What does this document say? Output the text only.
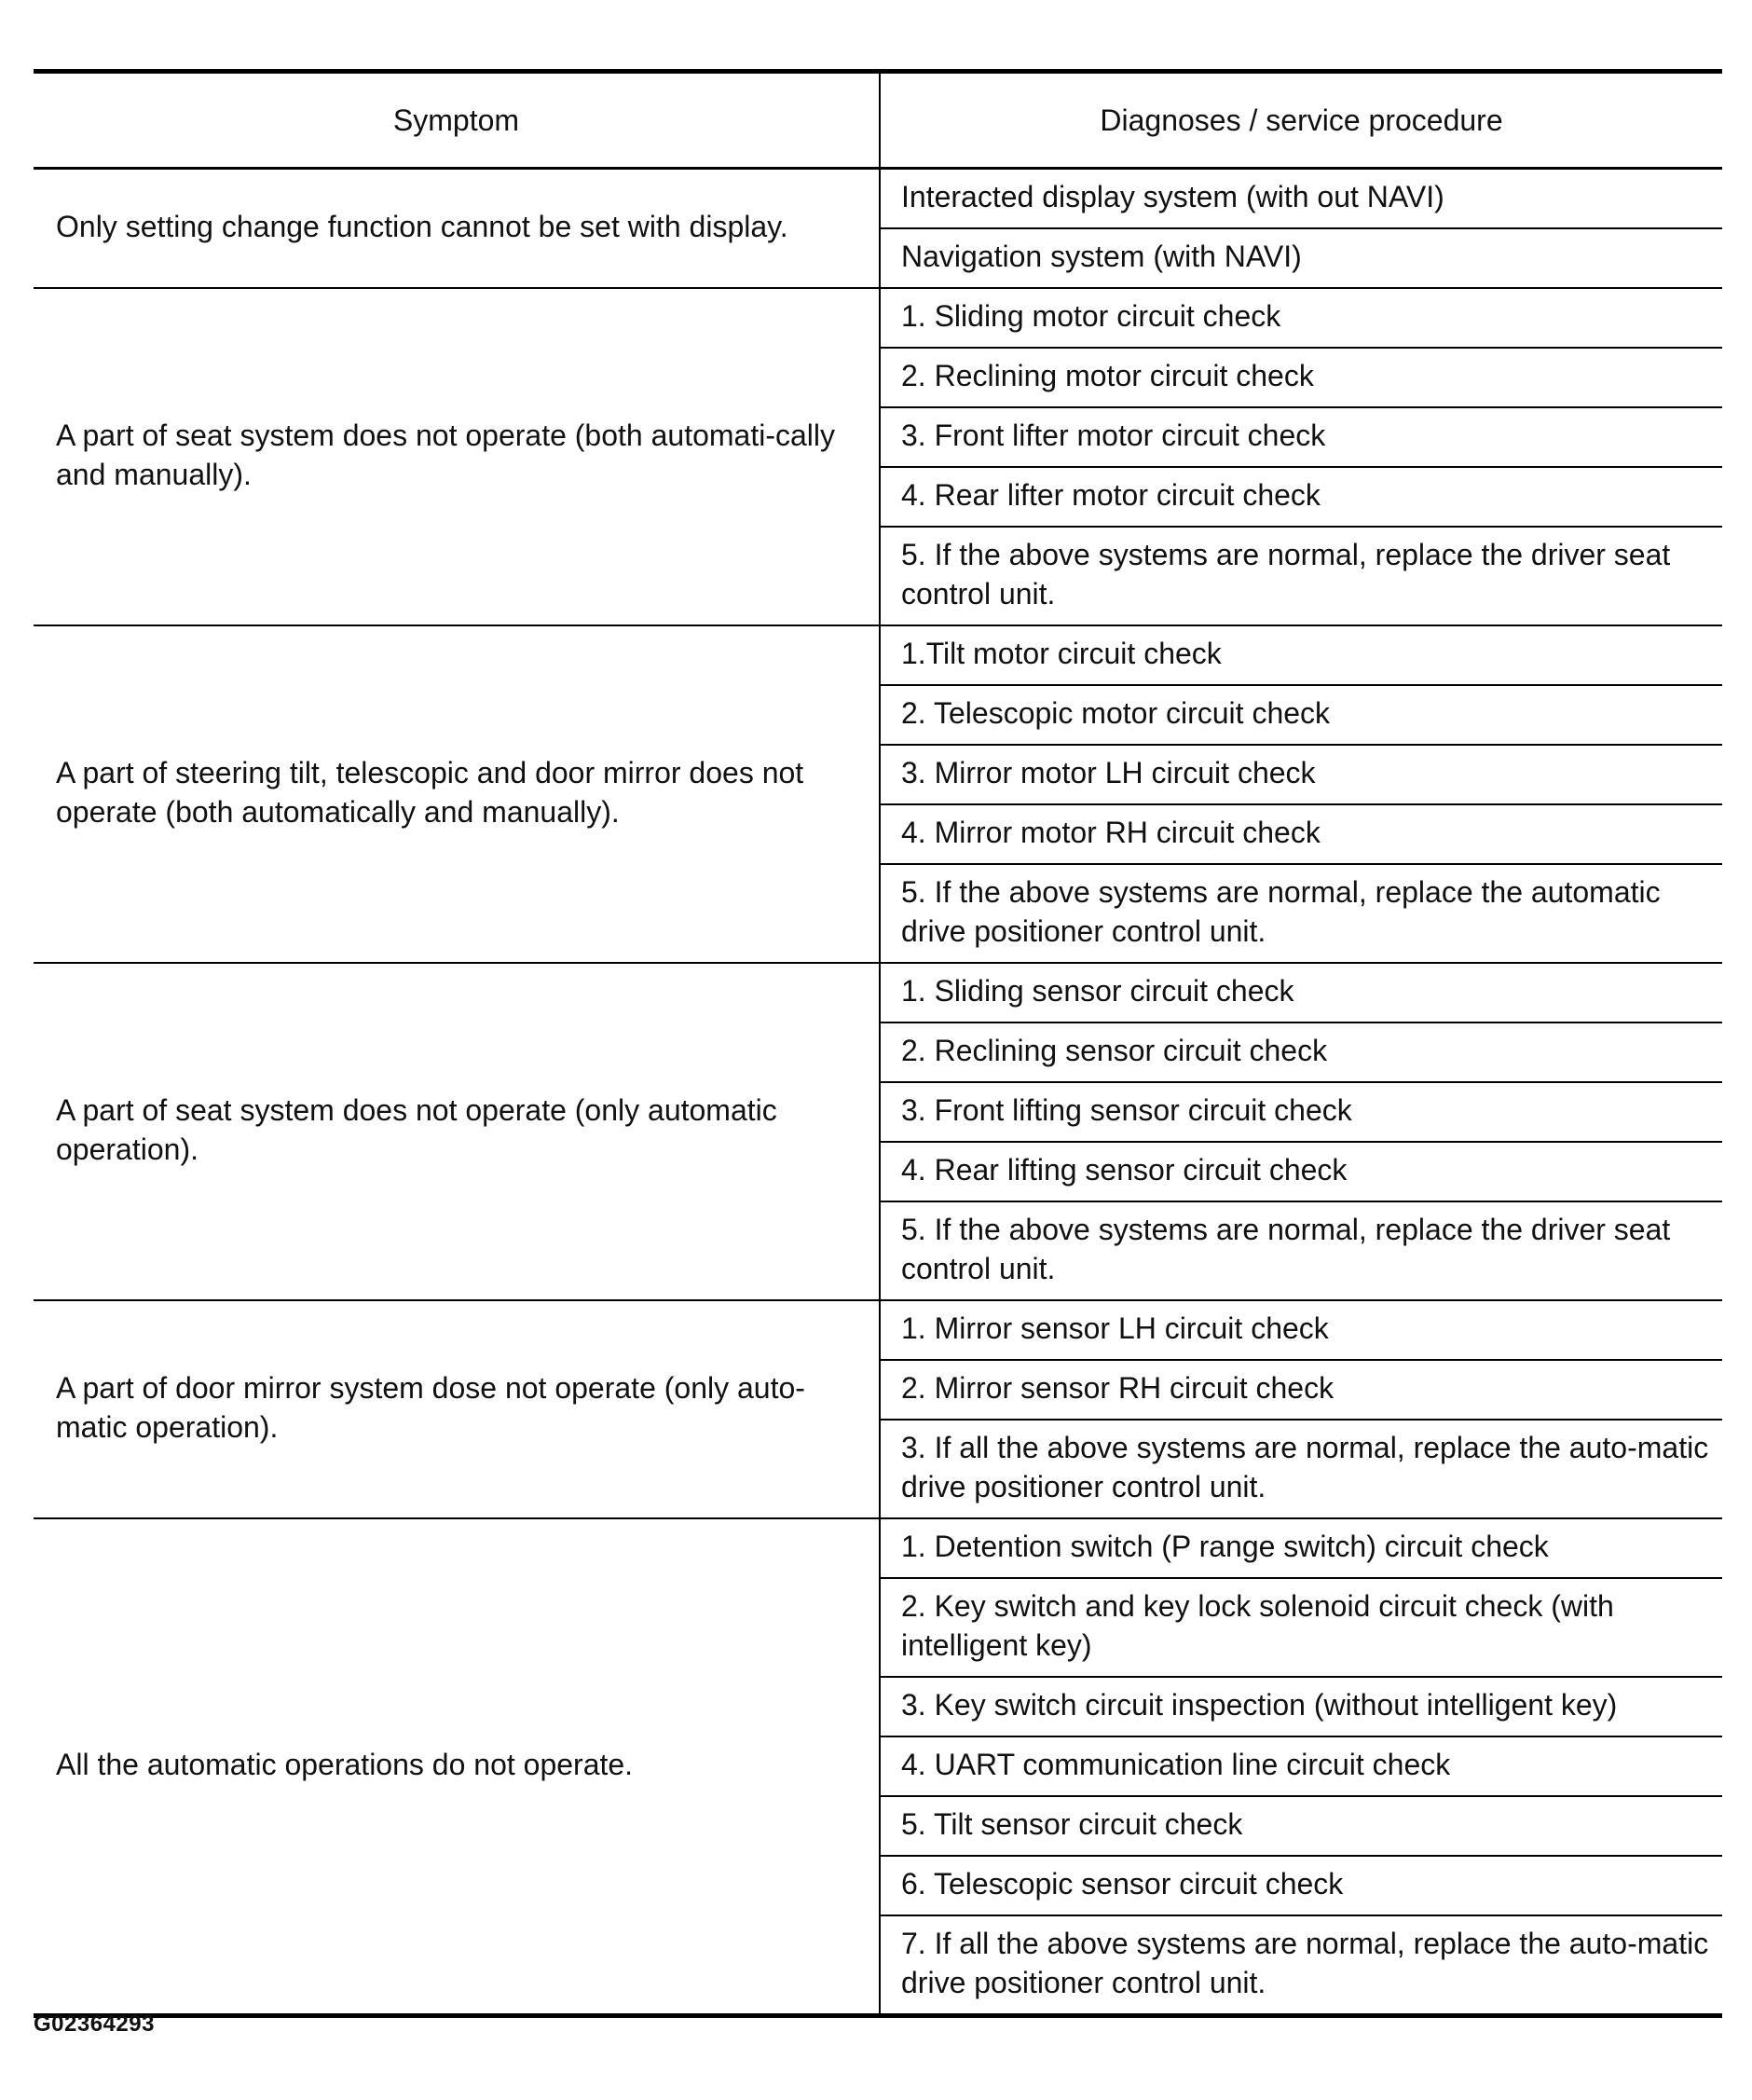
Symptom	Diagnoses / service procedure
Only setting change function cannot be set with display.	Interacted display system (with out NAVI)
	Navigation system (with NAVI)
A part of seat system does not operate (both automati-cally and manually).	1. Sliding motor circuit check
	2. Reclining motor circuit check
	3. Front lifter motor circuit check
	4. Rear lifter motor circuit check
	5. If the above systems are normal, replace the driver seat control unit.
A part of steering tilt, telescopic and door mirror does not operate (both automatically and manually).	1.Tilt motor circuit check
	2. Telescopic motor circuit check
	3. Mirror motor LH circuit check
	4. Mirror motor RH circuit check
	5. If the above systems are normal, replace the automatic drive positioner control unit.
A part of seat system does not operate (only automatic operation).	1. Sliding sensor circuit check
	2. Reclining sensor circuit check
	3. Front lifting sensor circuit check
	4. Rear lifting sensor circuit check
	5. If the above systems are normal, replace the driver seat control unit.
A part of door mirror system dose not operate (only auto-matic operation).	1. Mirror sensor LH circuit check
	2. Mirror sensor RH circuit check
	3. If all the above systems are normal, replace the auto-matic drive positioner control unit.
All the automatic operations do not operate.	1. Detention switch (P range switch) circuit check
	2. Key switch and key lock solenoid circuit check (with intelligent key)
	3. Key switch circuit inspection (without intelligent key)
	4. UART communication line circuit check
	5. Tilt sensor circuit check
	6. Telescopic sensor circuit check
	7. If all the above systems are normal, replace the auto-matic drive positioner control unit.
G02364293
